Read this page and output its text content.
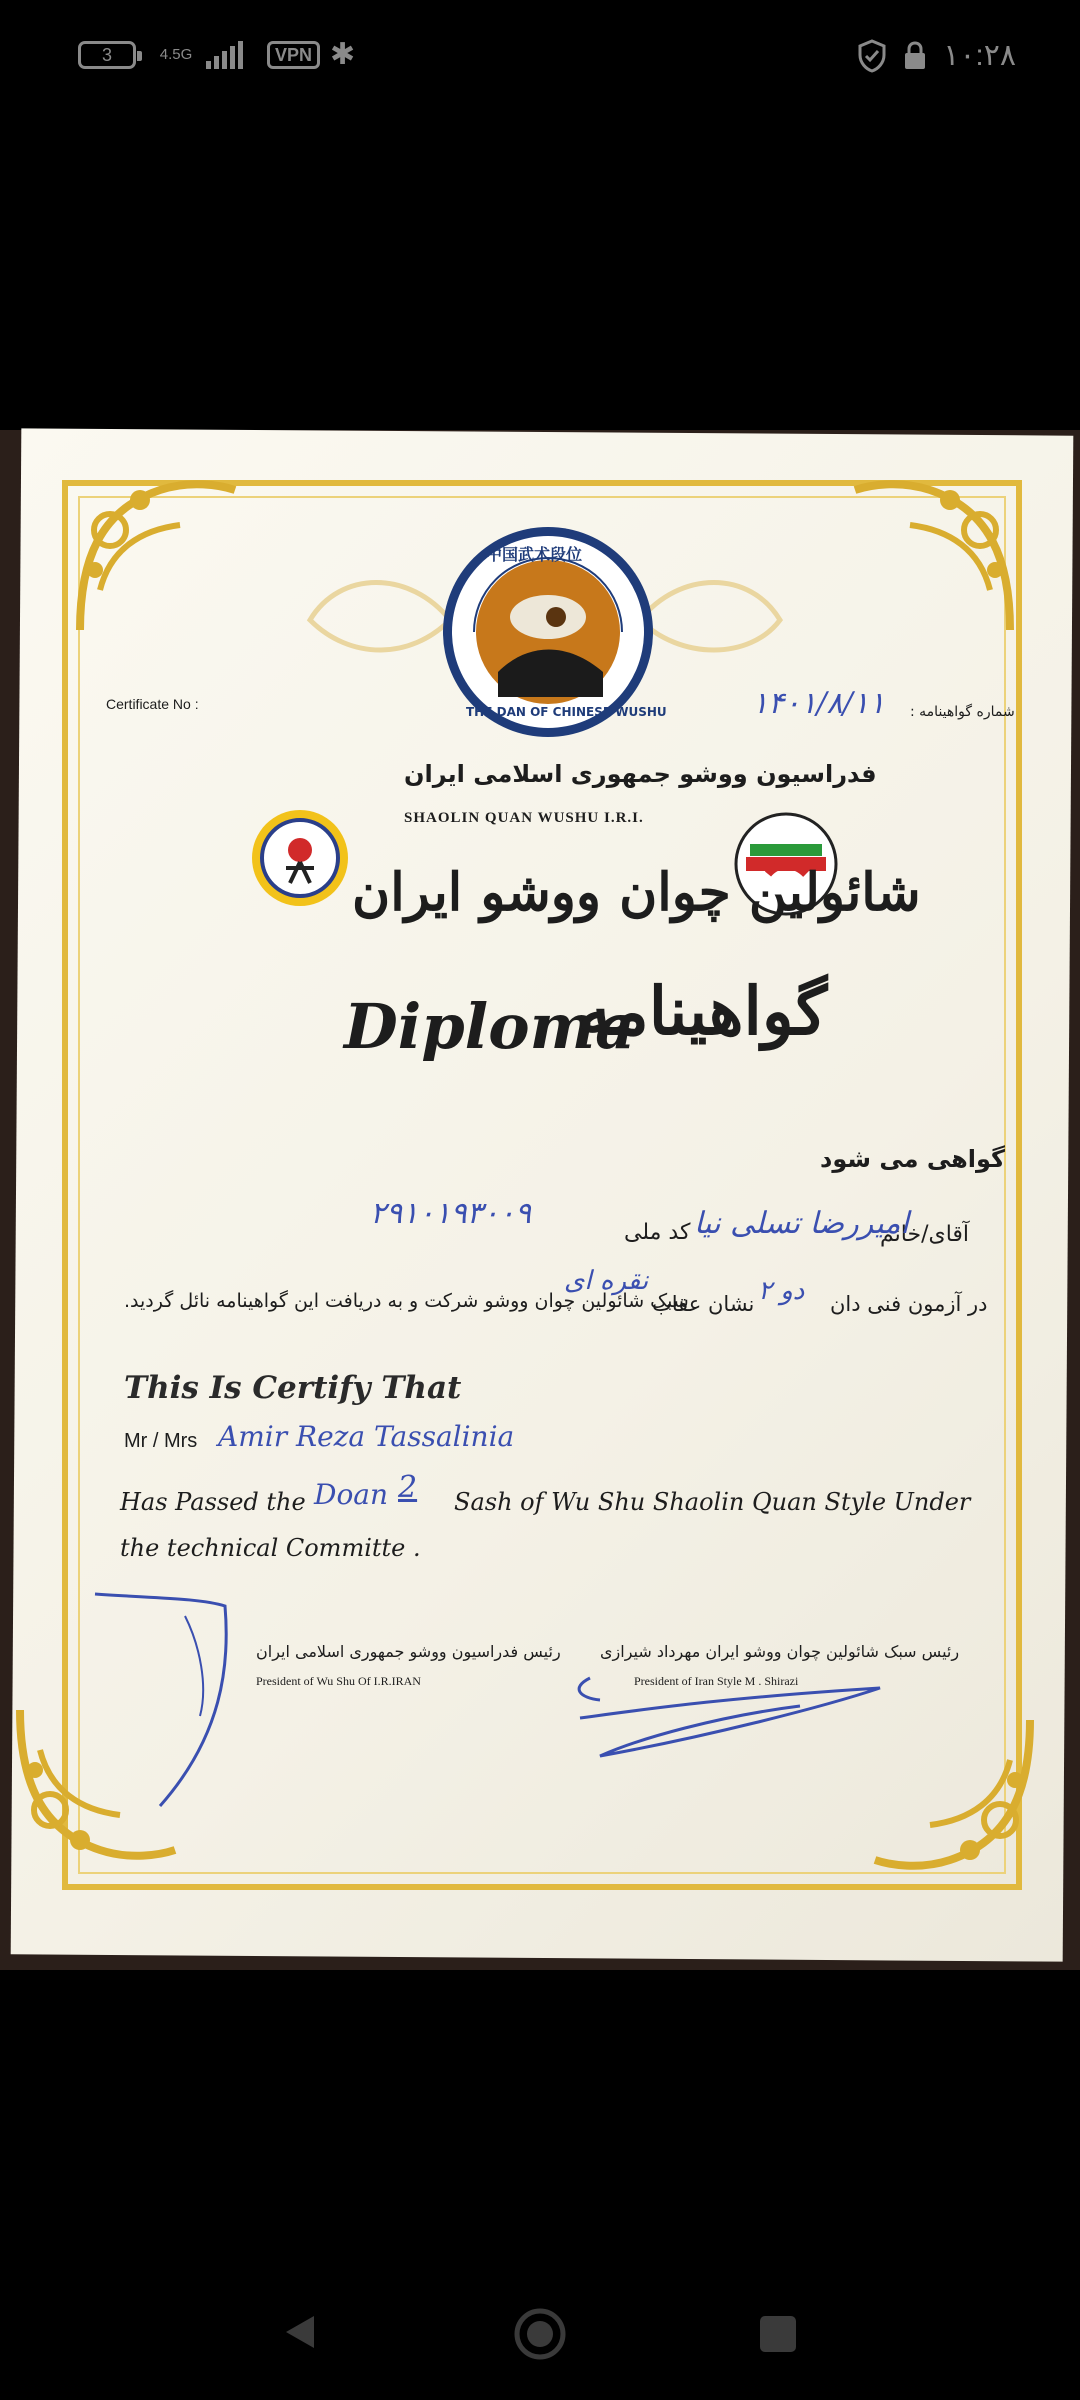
3	4.5G	VPN ✱	۱۰:۲۸
中国武术段位
THE DAN OF CHINESE WUSHU
Certificate No :	شماره گواهینامه :
۱۴۰۱/۸/۱۱
فدراسیون ووشو جمهوری اسلامی ایران
SHAOLIN QUAN WUSHU I.R.I.
شائولین چوان ووشو ایران
Diploma
گواهینامه
گواهی می شود
آقای/خانم
امیررضا تسلی نیا
کد ملی
۲۹۱۰۱۹۳۰۰۹
در آزمون فنی دان
دو ۲
نشان عقاب
نقره ای
سبک شائولین چوان ووشو شرکت و به دریافت این گواهینامه نائل گردید.
This Is Certify That
Mr / Mrs Amir Reza Tassalinia
Has Passed the Doan 2 Sash of Wu Shu Shaolin Quan Style Under
the technical Committe .
رئیس فدراسیون ووشو جمهوری اسلامی ایران
President of Wu Shu Of I.R.IRAN
رئیس سبک شائولین چوان ووشو ایران مهرداد شیرازی
President of Iran Style M . Shirazi
